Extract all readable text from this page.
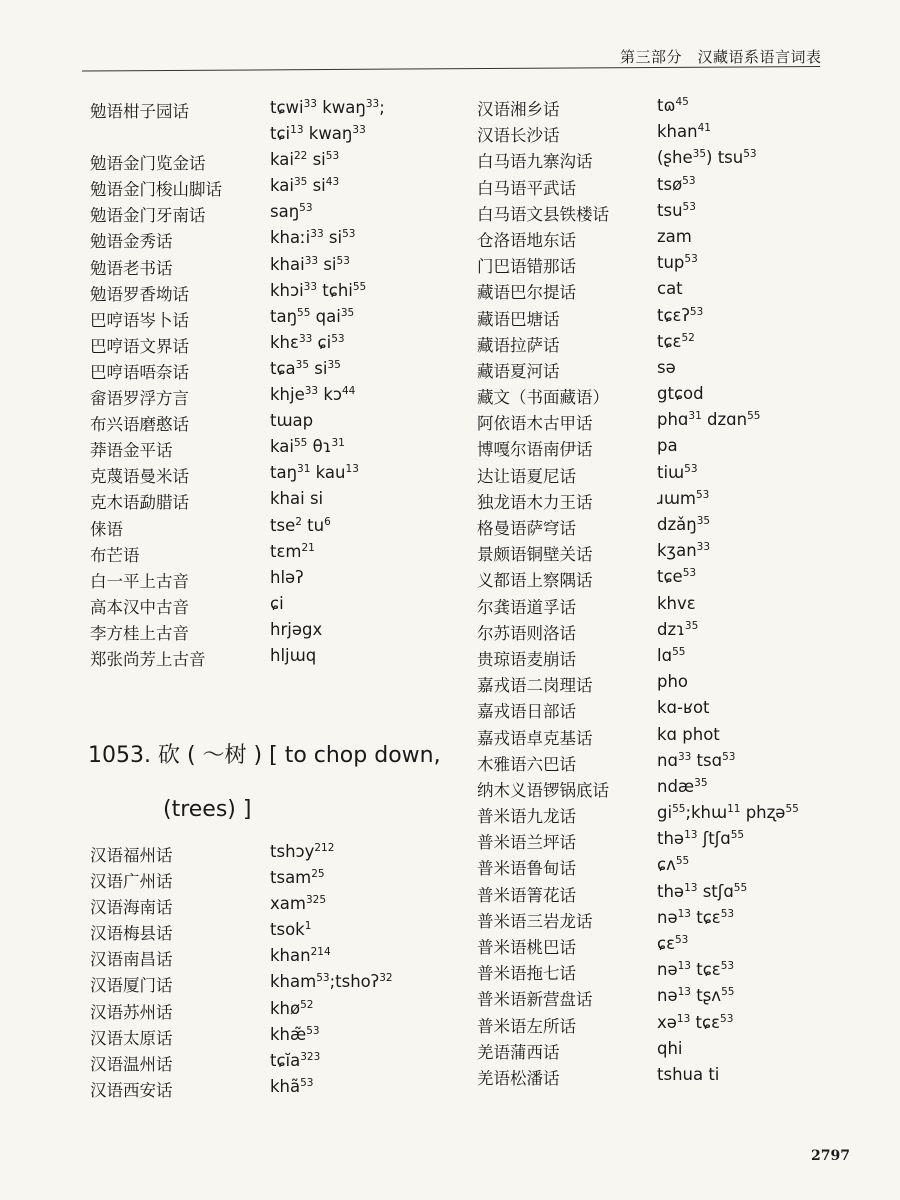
第三部分　汉藏语系语言词表
勉语柑子园话	tɕwi$^{33}$ kwaŋ$^{33}$;
tɕi$^{13}$ kwaŋ$^{33}$
勉语金门览金话	kai$^{22}$ $si^{53}$
勉语金门梭山脚话	kai$^{35}$ $si^{43}$
勉语金门牙南话	saŋ$^{53}$
勉语金秀话	khaːi$^{33}$ $si^{53}$
勉语老书话	khai$^{33}$ $si^{53}$
勉语罗香坳话	khɔi$^{33}$ tɕhi$^{55}$
巴哼语岑卜话	taŋ$^{55}$ qai$^{35}$
巴哼语文界话	khɛ$^{33}$ ɕi$^{53}$
巴哼语唔奈话	tɕa$^{35}$ $si^{35}$
畲语罗浮方言	khje$^{33}$ kɔ$^{44}$
布兴语磨憨话	tɯap
莽语金平话	kai$^{55}$ θɿ$^{31}$
克蔑语曼米话	taŋ$^{31}$ kau$^{13}$
克木语勐腊话	khai si
俫语	tse$^2$ $tu^6$
布芒语	tɛm$^{21}$
白一平上古音	hləʔ
高本汉中古音	ɕi
李方桂上古音	hrjəgx
郑张尚芳上古音	hljɯq
1053. 砍 ( ～树 ) [ to chop down,
(trees) ]
汉语福州话	tshɔy$^{212}$
汉语广州话	tsam$^{25}$
汉语海南话	xam$^{325}$
汉语梅县话	tsok$^1$
汉语南昌话	khan$^{214}$
汉语厦门话	kham$^{53}$;tshoʔ$^{32}$
汉语苏州话	khø$^{52}$
汉语太原话	khæ̃$^{53}$
汉语温州话	tɕĭa$^{323}$
汉语西安话	khã$^{53}$
汉语湘乡话	tɷ$^{45}$
汉语长沙话	khan$^{41}$
白马语九寨沟话	(ʂhe$^{35}$) tsu$^{53}$
白马语平武话	tsø$^{53}$
白马语文县铁楼话	tsu$^{53}$
仓洛语地东话	zam
门巴语错那话	tup$^{53}$
藏语巴尔提话	cat
藏语巴塘话	tɕɛʔ$^{53}$
藏语拉萨话	tɕɛ$^{52}$
藏语夏河话	sə
藏文（书面藏语）	gtɕod
阿依语木古甲话	phɑ$^{31}$ dzɑn$^{55}$
博嘎尔语南伊话	pa
达让语夏尼话	tiɯ$^{53}$
独龙语木力王话	ɹɯm$^{53}$
格曼语萨穹话	dzǎŋ$^{35}$
景颇语铜壁关话	kʒan$^{33}$
义都语上察隅话	tɕe$^{53}$
尔龚语道孚话	khvɛ
尔苏语则洛话	dzɿ$^{35}$
贵琼语麦崩话	lɑ$^{55}$
嘉戎语二岗理话	pho
嘉戎语日部话	kɑ-ʁot
嘉戎语卓克基话	kɑ phot
木雅语六巴话	nɑ$^{33}$ tsɑ$^{53}$
纳木义语锣锅底话	ndæ$^{35}$
普米语九龙话	$gi^{55};khɯ^{11}$ phʐə$^{55}$
普米语兰坪话	thə$^{13}$ ʃtʃɑ$^{55}$
普米语鲁甸话	ɕʌ$^{55}$
普米语箐花话	thə$^{13}$ stʃɑ$^{55}$
普米语三岩龙话	nə$^{13}$ tɕɛ$^{53}$
普米语桃巴话	ɕɛ$^{53}$
普米语拖七话	nə$^{13}$ tɕɛ$^{53}$
普米语新营盘话	nə$^{13}$ tʂʌ$^{55}$
普米语左所话	xə$^{13}$ tɕɛ$^{53}$
羌语蒲西话	qhi
羌语松潘话	tshua ti
2797
